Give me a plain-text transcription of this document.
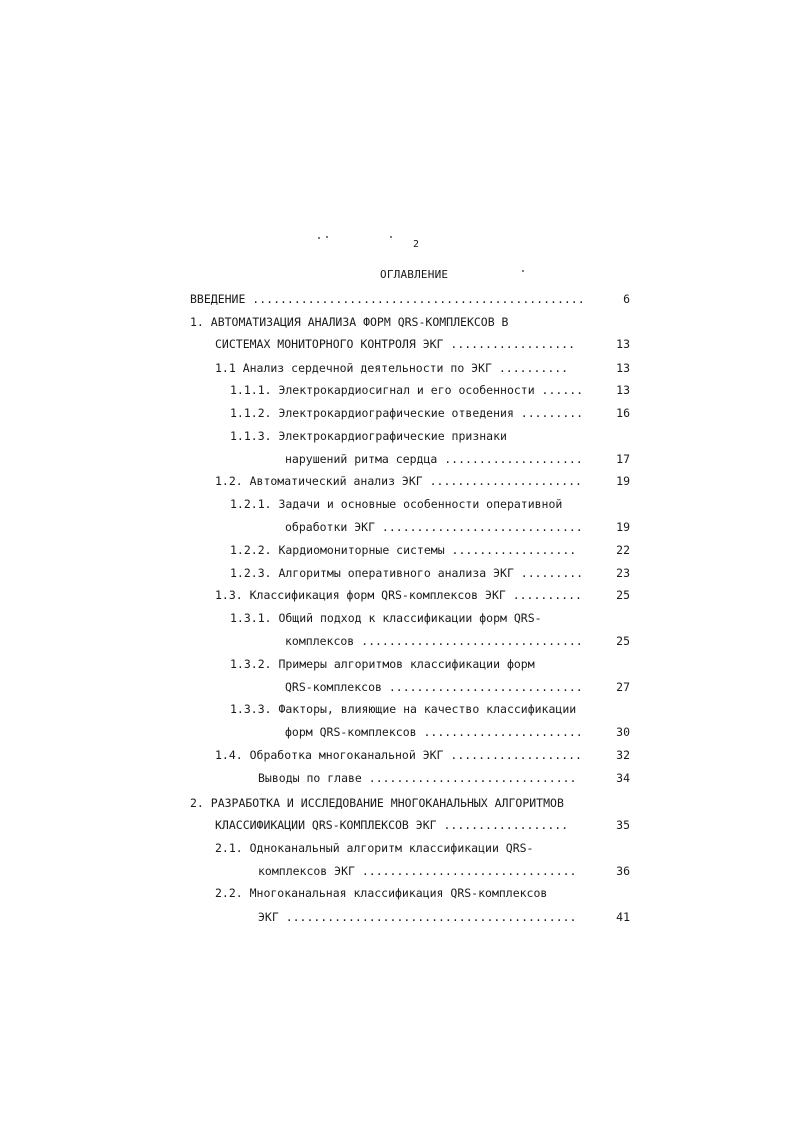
2
ОГЛАВЛЕНИЕ
ВВЕДЕНИЕ ................................................	6
1. АВТОМАТИЗАЦИЯ АНАЛИЗА ФОРМ QRS-КОМПЛЕКСОВ В
СИСТЕМАХ МОНИТОРНОГО КОНТРОЛЯ ЭКГ ..................	13
1.1 Анализ сердечной деятельности по ЭКГ ..........	13
1.1.1. Электрокардиосигнал и его особенности ......	13
1.1.2. Электрокардиографические отведения .........	16
1.1.3. Электрокардиографические признаки
нарушений ритма сердца ....................	17
1.2. Автоматический анализ ЭКГ ......................	19
1.2.1. Задачи и основные особенности оперативной
обработки ЭКГ .............................	19
1.2.2. Кардиомониторные системы ..................	22
1.2.3. Алгоритмы оперативного анализа ЭКГ .........	23
1.3. Классификация форм QRS-комплексов ЭКГ ..........	25
1.3.1. Общий подход к классификации форм QRS-
комплексов ................................	25
1.3.2. Примеры алгоритмов классификации форм
QRS-комплексов ............................	27
1.3.3. Факторы, влияющие на качество классификации
форм QRS-комплексов .......................	30
1.4. Обработка многоканальной ЭКГ ...................	32
Выводы по главе ..............................	34
2. РАЗРАБОТКА И ИССЛЕДОВАНИЕ МНОГОКАНАЛЬНЫХ АЛГОРИТМОВ
КЛАССИФИКАЦИИ QRS-КОМПЛЕКСОВ ЭКГ ..................	35
2.1. Одноканальный алгоритм классификации QRS-
комплексов ЭКГ ...............................	36
2.2. Многоканальная классификация QRS-комплексов
ЭКГ ..........................................	41
